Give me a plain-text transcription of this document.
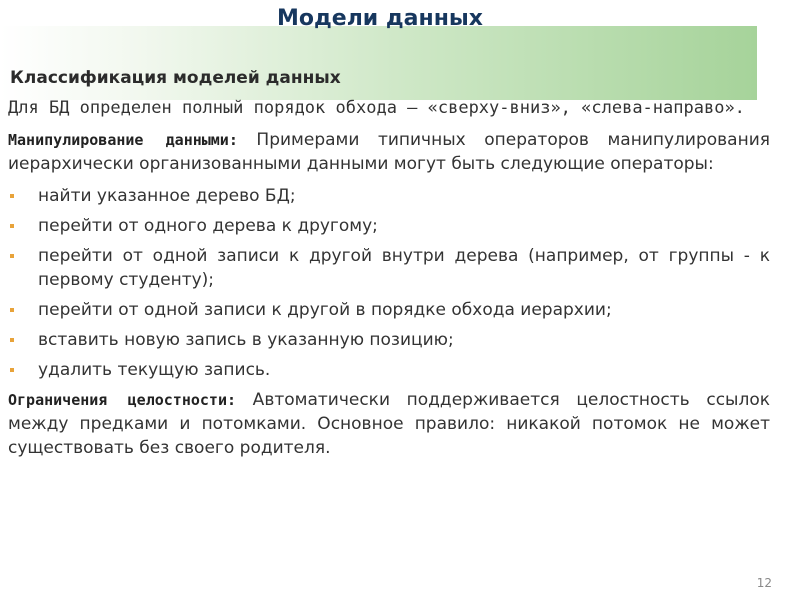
Модели данных
Классификация моделей данных

Для БД определен полный порядок обхода – «сверху-вниз», «слева-направо».

Манипулирование данными: Примерами типичных операторов манипулирования иерархически организованными данными могут быть следующие операторы:

найти указанное дерево БД;
перейти от одного дерева к другому;
перейти от одной записи к другой внутри дерева (например, от группы - к первому студенту);
перейти от одной записи к другой в порядке обхода иерархии;
вставить новую запись в указанную позицию;
удалить текущую запись.

Ограничения целостности: Автоматически поддерживается целостность ссылок между предками и потомками. Основное правило: никакой потомок не может существовать без своего родителя.

12
